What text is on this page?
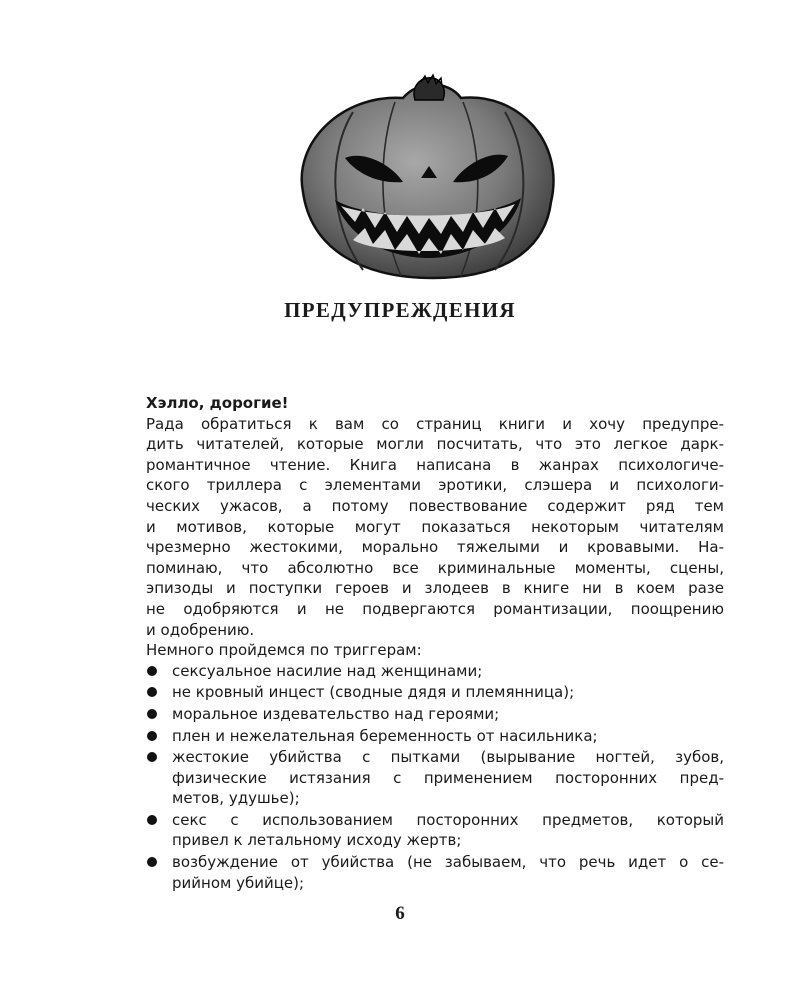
ПРЕДУПРЕЖДЕНИЯ

Хэлло, дорогие!

Рада обратиться к вам со страниц книги и хочу предупре-
дить читателей, которые могли посчитать, что это легкое дарк-
романтичное чтение. Книга написана в жанрах психологиче-
ского триллера с элементами эротики, слэшера и психологи-
ческих ужасов, а потому повествование содержит ряд тем
и мотивов, которые могут показаться некоторым читателям
чрезмерно жестокими, морально тяжелыми и кровавыми. На-
поминаю, что абсолютно все криминальные моменты, сцены,
эпизоды и поступки героев и злодеев в книге ни в коем разе
не одобряются и не подвергаются романтизации, поощрению
и одобрению.

Немного пройдемся по триггерам:

сексуальное насилие над женщинами;
не кровный инцест (сводные дядя и племянница);
моральное издевательство над героями;
плен и нежелательная беременность от насильника;
жестокие убийства с пытками (вырывание ногтей, зубов,
физические истязания с применением посторонних пред-
метов, удушье);
секс с использованием посторонних предметов, который
привел к летальному исходу жертв;
возбуждение от убийства (не забываем, что речь идет о се-
рийном убийце);
6
